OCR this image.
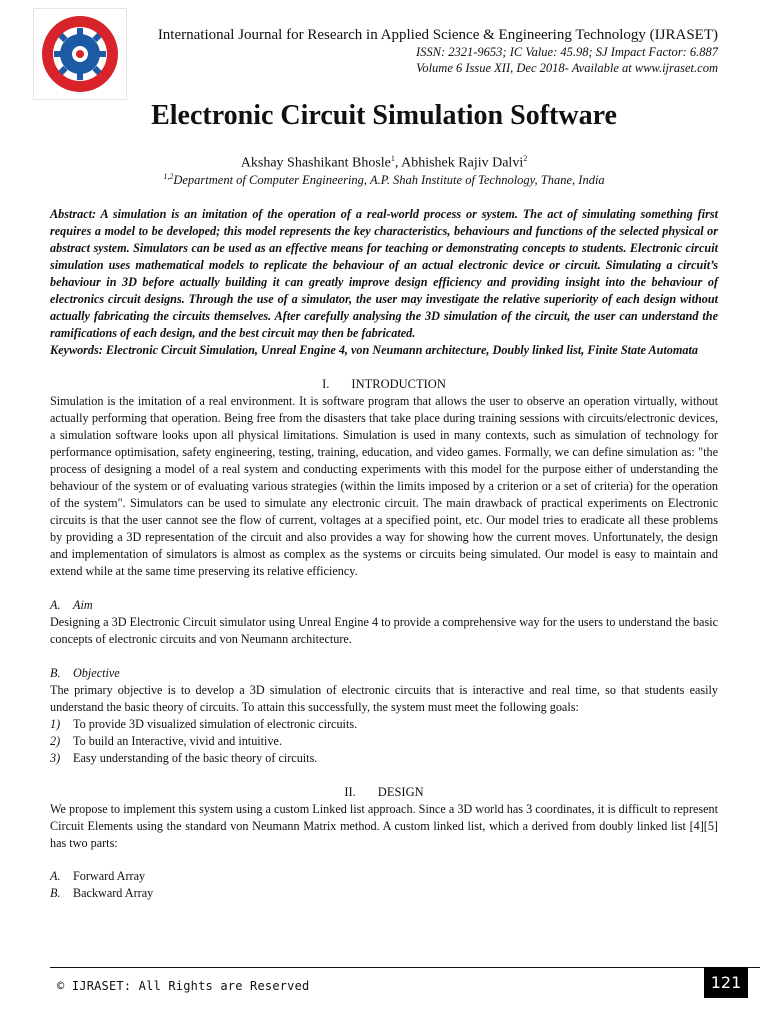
International Journal for Research in Applied Science & Engineering Technology (IJRASET)
ISSN: 2321-9653; IC Value: 45.98; SJ Impact Factor: 6.887
Volume 6 Issue XII, Dec 2018- Available at www.ijraset.com
Electronic Circuit Simulation Software
Akshay Shashikant Bhosle$^1$, Abhishek Rajiv Dalvi$^2$
$^{1,2}$Department of Computer Engineering, A.P. Shah Institute of Technology, Thane, India

Abstract: A simulation is an imitation of the operation of a real-world process or system. The act of simulating something first requires a model to be developed; this model represents the key characteristics, behaviours and functions of the selected physical or abstract system. Simulators can be used as an effective means for teaching or demonstrating concepts to students. Electronic circuit simulation uses mathematical models to replicate the behaviour of an actual electronic device or circuit. Simulating a circuit’s behaviour in 3D before actually building it can greatly improve design efficiency and providing insight into the behaviour of electronics circuit designs. Through the use of a simulator, the user may investigate the relative superiority of each design without actually fabricating the circuits themselves. After carefully analysing the 3D simulation of the circuit, the user can understand the ramifications of each design, and the best circuit may then be fabricated.

Keywords: Electronic Circuit Simulation, Unreal Engine 4, von Neumann architecture, Doubly linked list, Finite State Automata

I. INTRODUCTION

Simulation is the imitation of a real environment. It is software program that allows the user to observe an operation virtually, without actually performing that operation. Being free from the disasters that take place during training sessions with circuits/electronic devices, a simulation software looks upon all physical limitations. Simulation is used in many contexts, such as simulation of technology for performance optimisation, safety engineering, testing, training, education, and video games. Formally, we can define simulation as: "the process of designing a model of a real system and conducting experiments with this model for the purpose either of understanding the behaviour of the system or of evaluating various strategies (within the limits imposed by a criterion or a set of criteria) for the operation of the system". Simulators can be used to simulate any electronic circuit. The main drawback of practical experiments on Electronic circuits is that the user cannot see the flow of current, voltages at a specified point, etc. Our model tries to eradicate all these problems by providing a 3D representation of the circuit and also provides a way for showing how the current moves. Unfortunately, the design and implementation of simulators is almost as complex as the systems or circuits being simulated. Our model is easy to maintain and extend while at the same time preserving its relative efficiency.

A. Aim

Designing a 3D Electronic Circuit simulator using Unreal Engine 4 to provide a comprehensive way for the users to understand the basic concepts of electronic circuits and von Neumann architecture.

B. Objective

The primary objective is to develop a 3D simulation of electronic circuits that is interactive and real time, so that students easily understand the basic theory of circuits. To attain this successfully, the system must meet the following goals:

1) To provide 3D visualized simulation of electronic circuits.
2) To build an Interactive, vivid and intuitive.
3) Easy understanding of the basic theory of circuits.
II. DESIGN

We propose to implement this system using a custom Linked list approach. Since a 3D world has 3 coordinates, it is difficult to represent Circuit Elements using the standard von Neumann Matrix method. A custom linked list, which a derived from doubly linked list [4][5] has two parts:

A. Forward Array
B. Backward Array
© IJRASET: All Rights are Reserved	121
